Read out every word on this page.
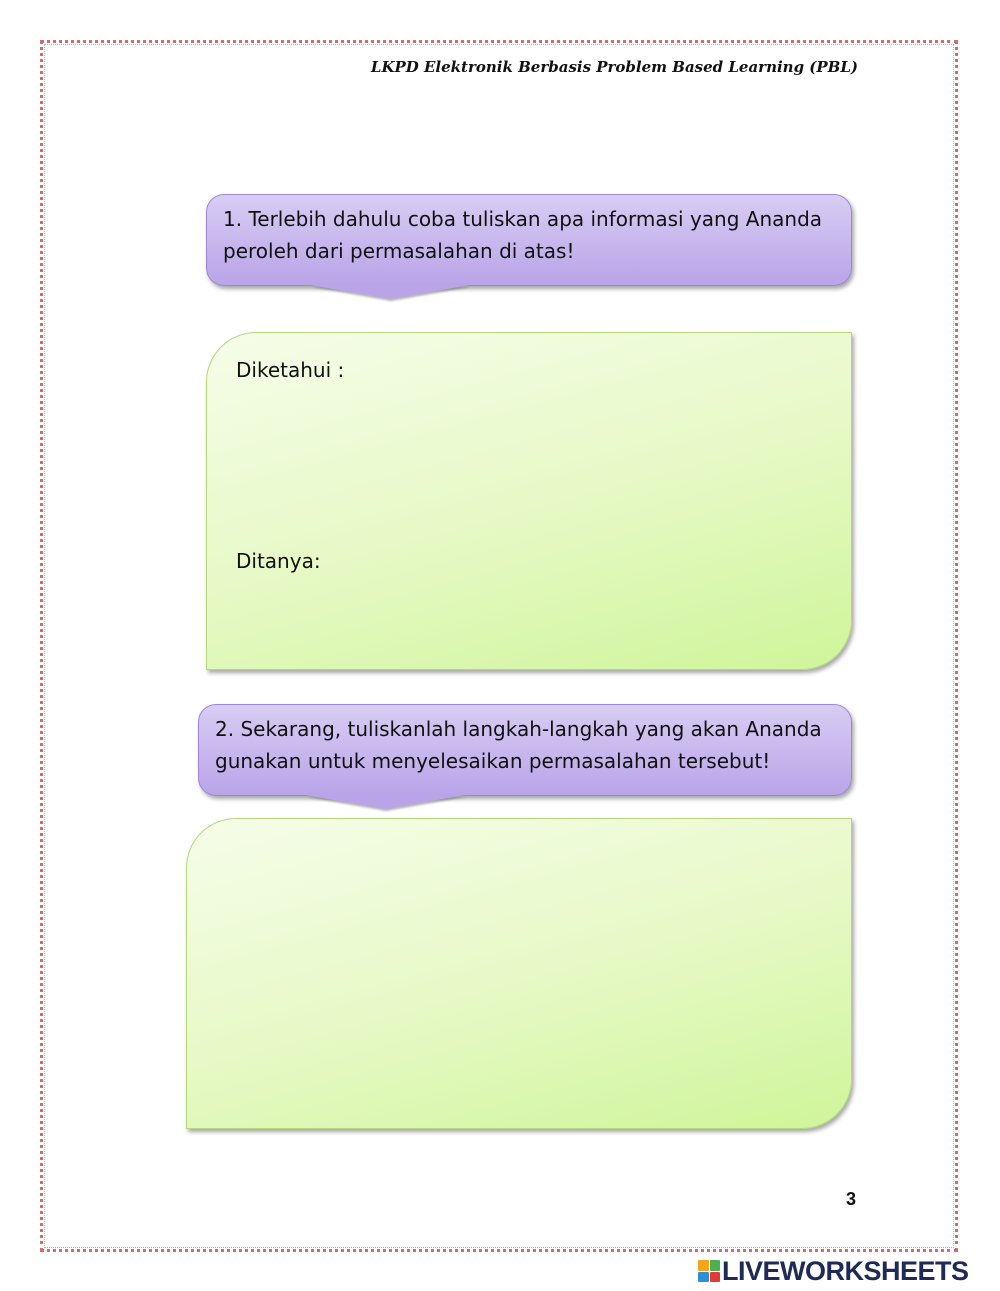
LKPD Elektronik Berbasis Problem Based Learning (PBL)
1. Terlebih dahulu coba tuliskan apa informasi yang Ananda peroleh dari permasalahan di atas!
Diketahui :
Ditanya:
2. Sekarang, tuliskanlah langkah-langkah yang akan Ananda gunakan untuk menyelesaikan permasalahan tersebut!
3
LIVEWORKSHEETS
